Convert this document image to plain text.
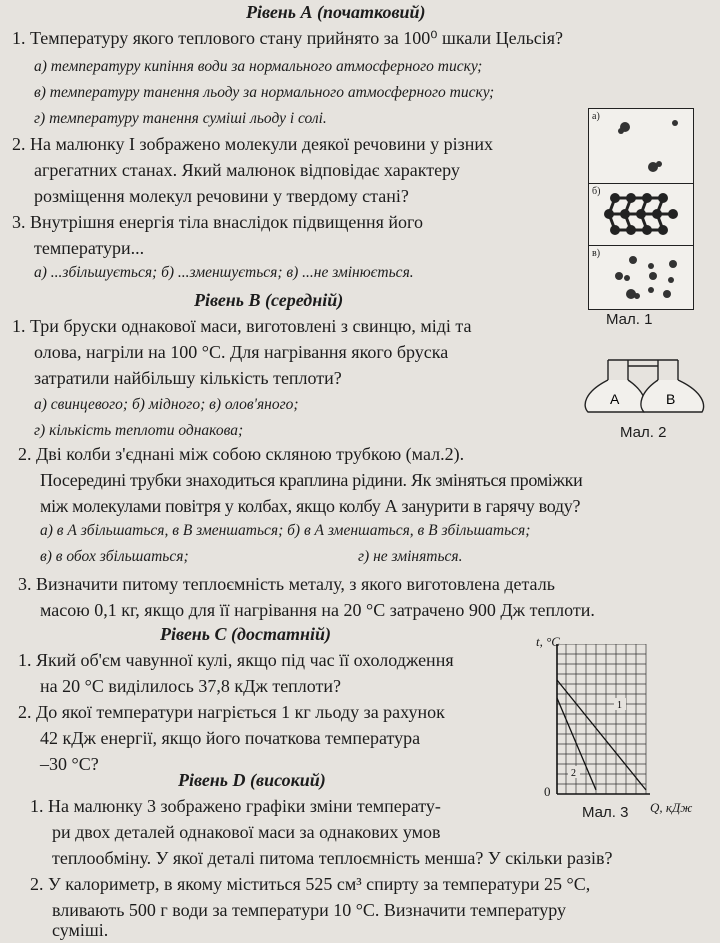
Рівень А (початковий)
1. Температуру якого теплового стану прийнято за 100⁰ шкали Цельсія?
а) температуру кипіння води за нормального атмосферного тиску;
в) температуру танення льоду за нормального атмосферного тиску;
г) температуру танення суміші льоду і солі.
2. На малюнку І зображено молекули деякої речовини у різних
агрегатних станах. Який малюнок відповідає характеру
розміщення молекул речовини у твердому стані?
3. Внутрішня енергія тіла внаслідок підвищення його
температури...
а) ...збільшується; б) ...зменшується; в) ...не змінюється.
а)
б)
в)
Мал. 1
Рівень В (середній)
1. Три бруски однакової маси, виготовлені з свинцю, міді та
олова, нагріли на 100 °С. Для нагрівання якого бруска
затратили найбільшу кількість теплоти?
а) свинцевого; б) мідного; в) олов'яного;
г) кількість теплоти однакова;
А	В
Мал. 2
2. Дві колби з'єднані між собою скляною трубкою (мал.2).
Посередині трубки знаходиться краплина рідини. Як зміняться проміжки
між молекулами повітря у колбах, якщо колбу А занурити в гарячу воду?
а) в А збільшаться, в В зменшаться; б) в А зменшаться, в В збільшаться;
в) в обох збільшаться;	г) не зміняться.
3. Визначити питому теплоємність металу, з якого виготовлена деталь
масою 0,1 кг, якщо для її нагрівання на 20 °С затрачено 900 Дж теплоти.
Рівень С (достатній)
1. Який об'єм чавунної кулі, якщо під час її охолодження
на 20 °С виділилось 37,8 кДж теплоти?
2. До якої температури нагріється 1 кг льоду за рахунок
42 кДж енергії, якщо його початкова температура
–30 °С?
t, °C
0
Q, кДж
1
2
Мал. 3
Рівень D (високий)
1. На малюнку 3 зображено графіки зміни температу-
ри двох деталей однакової маси за однакових умов
теплообміну. У якої деталі питома теплоємність менша? У скільки разів?
2. У калориметр, в якому міститься 525 см³ спирту за температури 25 °С,
вливають 500 г води за температури 10 °С. Визначити температуру
суміші.
